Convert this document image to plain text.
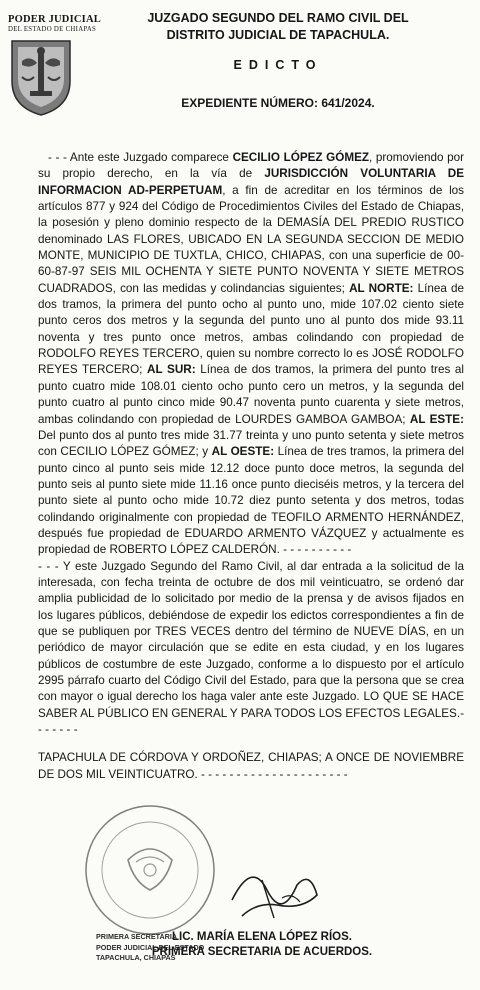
PODER JUDICIAL
DEL ESTADO DE CHIAPAS
JUZGADO SEGUNDO DEL RAMO CIVIL DEL
DISTRITO JUDICIAL DE TAPACHULA.
EDICTO
EXPEDIENTE NÚMERO: 641/2024.

- - - Ante este Juzgado comparece CECILIO LÓPEZ GÓMEZ, promoviendo por su propio derecho, en la vía de JURISDICCIÓN VOLUNTARIA DE INFORMACION AD-PERPETUAM, a fin de acreditar en los términos de los artículos 877 y 924 del Código de Procedimientos Civiles del Estado de Chiapas, la posesión y pleno dominio respecto de la DEMASÍA DEL PREDIO RUSTICO denominado LAS FLORES, UBICADO EN LA SEGUNDA SECCION DE MEDIO MONTE, MUNICIPIO DE TUXTLA, CHICO, CHIAPAS, con una superficie de 00-60-87-97 SEIS MIL OCHENTA Y SIETE PUNTO NOVENTA Y SIETE METROS CUADRADOS, con las medidas y colindancias siguientes; AL NORTE: Línea de dos tramos, la primera del punto ocho al punto uno, mide 107.02 ciento siete punto ceros dos metros y la segunda del punto uno al punto dos mide 93.11 noventa y tres punto once metros, ambas colindando con propiedad de RODOLFO REYES TERCERO, quien su nombre correcto lo es JOSÉ RODOLFO REYES TERCERO; AL SUR: Línea de dos tramos, la primera del punto tres al punto cuatro mide 108.01 ciento ocho punto cero un metros, y la segunda del punto cuatro al punto cinco mide 90.47 noventa punto cuarenta y siete metros, ambas colindando con propiedad de LOURDES GAMBOA GAMBOA; AL ESTE: Del punto dos al punto tres mide 31.77 treinta y uno punto setenta y siete metros con CECILIO LÓPEZ GÓMEZ; y AL OESTE: Línea de tres tramos, la primera del punto cinco al punto seis mide 12.12 doce punto doce metros, la segunda del punto seis al punto siete mide 11.16 once punto dieciséis metros, y la tercera del punto siete al punto ocho mide 10.72 diez punto setenta y dos metros, todas colindando originalmente con propiedad de TEOFILO ARMENTO HERNÁNDEZ, después fue propiedad de EDUARDO ARMENTO VÁZQUEZ y actualmente es propiedad de ROBERTO LÓPEZ CALDERÓN. - - - - - - - - - -

- - - Y este Juzgado Segundo del Ramo Civil, al dar entrada a la solicitud de la interesada, con fecha treinta de octubre de dos mil veinticuatro, se ordenó dar amplia publicidad de lo solicitado por medio de la prensa y de avisos fijados en los lugares públicos, debiéndose de expedir los edictos correspondientes a fin de que se publiquen por TRES VECES dentro del término de NUEVE DÍAS, en un periódico de mayor circulación que se edite en esta ciudad, y en los lugares públicos de costumbre de este Juzgado, conforme a lo dispuesto por el artículo 2995 párrafo cuarto del Código Civil del Estado, para que la persona que se crea con mayor o igual derecho los haga valer ante este Juzgado. LO QUE SE HACE SABER AL PÚBLICO EN GENERAL Y PARA TODOS LOS EFECTOS LEGALES.- - - - - - -

TAPACHULA DE CÓRDOVA Y ORDOÑEZ, CHIAPAS; A ONCE DE NOVIEMBRE DE DOS MIL VEINTICUATRO. - - - - - - - - - - - - - - - - - - - - -

PRIMERA SECRETARIA
PODER JUDICIAL DEL ESTADO
TAPACHULA, CHIAPAS
LIC. MARÍA ELENA LÓPEZ RÍOS.
PRIMERA SECRETARIA DE ACUERDOS.
